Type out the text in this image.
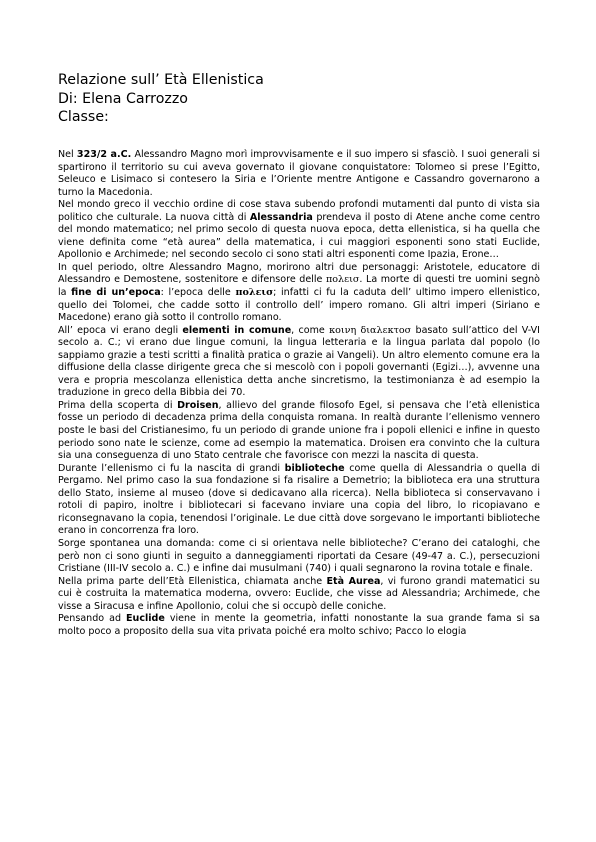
Relazione sull’ Età Ellenistica
Di: Elena Carrozzo
Classe:

Nel 323/2 a.C. Alessandro Magno morì improvvisamente e il suo impero si sfasciò. I suoi generali si spartirono il territorio su cui aveva governato il giovane conquistatore: Tolomeo si prese l’Egitto, Seleuco e Lisimaco si contesero la Siria e l’Oriente mentre Antigone e Cassandro governarono a turno la Macedonia.

Nel mondo greco il vecchio ordine di cose stava subendo profondi mutamenti dal punto di vista sia politico che culturale. La nuova città di Alessandria prendeva il posto di Atene anche come centro del mondo matematico; nel primo secolo di questa nuova epoca, detta ellenistica, si ha quella che viene definita come “età aurea” della matematica, i cui maggiori esponenti sono stati Euclide, Apollonio e Archimede; nel secondo secolo ci sono stati altri esponenti come Ipazia, Erone…

In quel periodo, oltre Alessandro Magno, morirono altri due personaggi: Aristotele, educatore di Alessandro e Demostene, sostenitore e difensore delle πολεισ. La morte di questi tre uomini segnò la fine di un’epoca: l’epoca delle πολεισ; infatti ci fu la caduta dell’ ultimo impero ellenistico, quello dei Tolomei, che cadde sotto il controllo dell’ impero romano. Gli altri imperi (Siriano e Macedone) erano già sotto il controllo romano.

All’ epoca vi erano degli elementi in comune, come κοινη διαλεκτοσ basato sull’attico del V-VI secolo a. C.; vi erano due lingue comuni, la lingua letteraria e la lingua parlata dal popolo (lo sappiamo grazie a testi scritti a finalità pratica o grazie ai Vangeli). Un altro elemento comune era la diffusione della classe dirigente greca che si mescolò con i popoli governanti (Egizi…), avvenne una vera e propria mescolanza ellenistica detta anche sincretismo, la testimonianza è ad esempio la traduzione in greco della Bibbia dei 70.

Prima della scoperta di Droisen, allievo del grande filosofo Egel, si pensava che l’età ellenistica fosse un periodo di decadenza prima della conquista romana. In realtà durante l’ellenismo vennero poste le basi del Cristianesimo, fu un periodo di grande unione fra i popoli ellenici e infine in questo periodo sono nate le scienze, come ad esempio la matematica. Droisen era convinto che la cultura sia una conseguenza di uno Stato centrale che favorisce con mezzi la nascita di questa.

Durante l’ellenismo ci fu la nascita di grandi biblioteche come quella di Alessandria o quella di Pergamo. Nel primo caso la sua fondazione si fa risalire a Demetrio; la biblioteca era una struttura dello Stato, insieme al museo (dove si dedicavano alla ricerca). Nella biblioteca si conservavano i rotoli di papiro, inoltre i bibliotecari si facevano inviare una copia del libro, lo ricopiavano e riconsegnavano la copia, tenendosi l’originale. Le due città dove sorgevano le importanti biblioteche erano in concorrenza fra loro.

Sorge spontanea una domanda: come ci si orientava nelle biblioteche? C’erano dei cataloghi, che però non ci sono giunti in seguito a danneggiamenti riportati da Cesare (49-47 a. C.), persecuzioni Cristiane (III-IV secolo a. C.) e infine dai musulmani (740) i quali segnarono la rovina totale e finale.

Nella prima parte dell’Età Ellenistica, chiamata anche Età Aurea, vi furono grandi matematici su cui è costruita la matematica moderna, ovvero: Euclide, che visse ad Alessandria; Archimede, che visse a Siracusa e infine Apollonio, colui che si occupò delle coniche.

Pensando ad Euclide viene in mente la geometria, infatti nonostante la sua grande fama si sa molto poco a proposito della sua vita privata poiché era molto schivo; Pacco lo elogia
